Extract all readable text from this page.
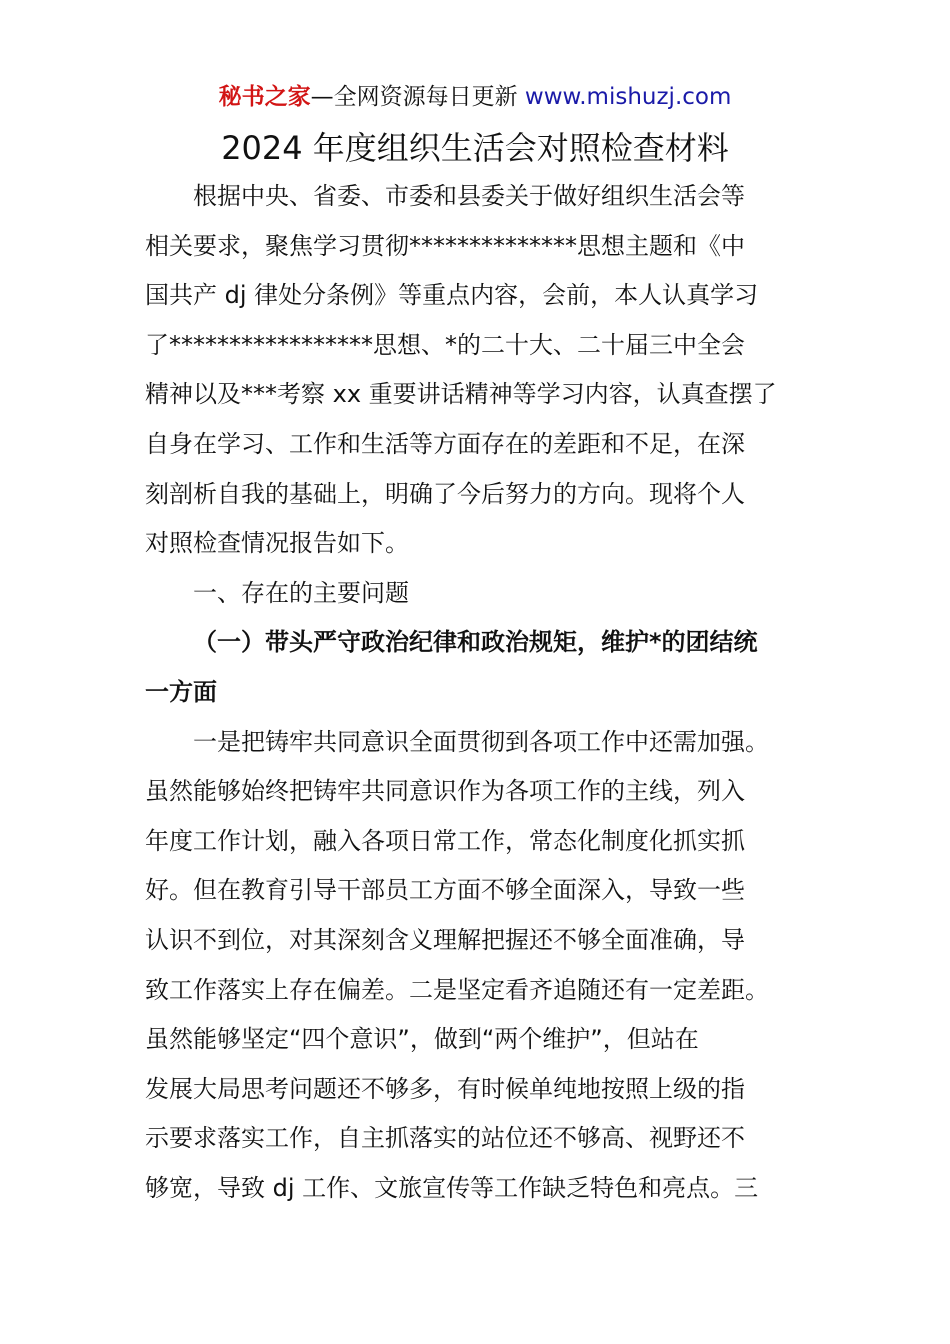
秘书之家—全网资源每日更新 www.mishuzj.com
2024 年度组织生活会对照检查材料

根据中央、省委、市委和县委关于做好组织生活会等
相关要求，聚焦学习贯彻**************思想主题和《中
国共产 dj 律处分条例》等重点内容，会前，本人认真学习
了*****************思想、*的二十大、二十届三中全会
精神以及***考察 xx 重要讲话精神等学习内容，认真查摆了
自身在学习、工作和生活等方面存在的差距和不足，在深
刻剖析自我的基础上，明确了今后努力的方向。现将个人
对照检查情况报告如下。

一、存在的主要问题

（一）带头严守政治纪律和政治规矩，维护*的团结统
一方面

一是把铸牢共同意识全面贯彻到各项工作中还需加强。
虽然能够始终把铸牢共同意识作为各项工作的主线，列入
年度工作计划，融入各项日常工作，常态化制度化抓实抓
好。但在教育引导干部员工方面不够全面深入，导致一些
认识不到位，对其深刻含义理解把握还不够全面准确，导
致工作落实上存在偏差。二是坚定看齐追随还有一定差距。
虽然能够坚定“四个意识”，做到“两个维护”，但站在
发展大局思考问题还不够多，有时候单纯地按照上级的指
示要求落实工作，自主抓落实的站位还不够高、视野还不
够宽，导致 dj 工作、文旅宣传等工作缺乏特色和亮点。三
